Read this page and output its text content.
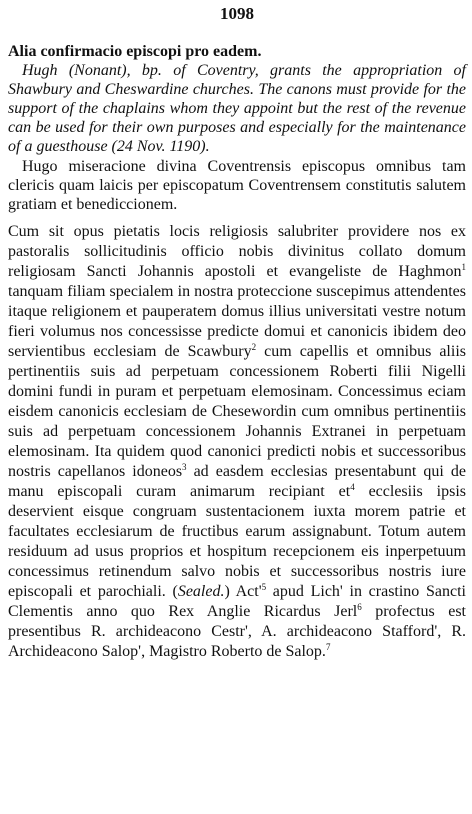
1098
Alia confirmacio episcopi pro eadem.
Hugh (Nonant), bp. of Coventry, grants the appropriation of Shawbury and Cheswardine churches. The canons must provide for the support of the chaplains whom they appoint but the rest of the revenue can be used for their own purposes and especially for the maintenance of a guesthouse (24 Nov. 1190).
Hugo miseracione divina Coventrensis episcopus omnibus tam clericis quam laicis per episcopatum Coventrensem constitutis salutem gratiam et benediccionem.
Cum sit opus pietatis locis religiosis salubriter providere nos ex pastoralis sollicitudinis officio nobis divinitus collato domum religiosam Sancti Johannis apostoli et evangeliste de Haghmon$^1$ tanquam filiam specialem in nostra proteccione suscepimus attendentes itaque religionem et pauperatem domus illius universitati vestre notum fieri volumus nos concessisse predicte domui et canonicis ibidem deo servientibus ecclesiam de Scawbury$^2$ cum capellis et omnibus aliis pertinentiis suis ad perpetuam concessionem Roberti filii Nigelli domini fundi in puram et perpetuam elemosinam. Concessimus eciam eisdem canonicis ecclesiam de Chesewordin cum omnibus pertinentiis suis ad perpetuam concessionem Johannis Extranei in perpetuam elemosinam. Ita quidem quod canonici predicti nobis et successoribus nostris capellanos idoneos$^3$ ad easdem ecclesias presentabunt qui de manu episcopali curam animarum recipiant $et^4$ ecclesiis ipsis deservient eisque congruam sustentacionem iuxta morem patrie et facultates ecclesiarum de fructibus earum assignabunt. Totum autem residuum ad usus proprios et hospitum recepcionem eis inperpetuum concessimus retinendum salvo nobis et successoribus nostris iure episcopali et parochiali. (Sealed.) $Act'^5$ apud Lich' in crastino Sancti Clementis anno quo Rex Anglie Ricardus Jerl$^6$ profectus est presentibus R. archideacono Cestr', A. archideacono Stafford', R. Archideacono Salop', Magistro Roberto de Salop.$^7$
